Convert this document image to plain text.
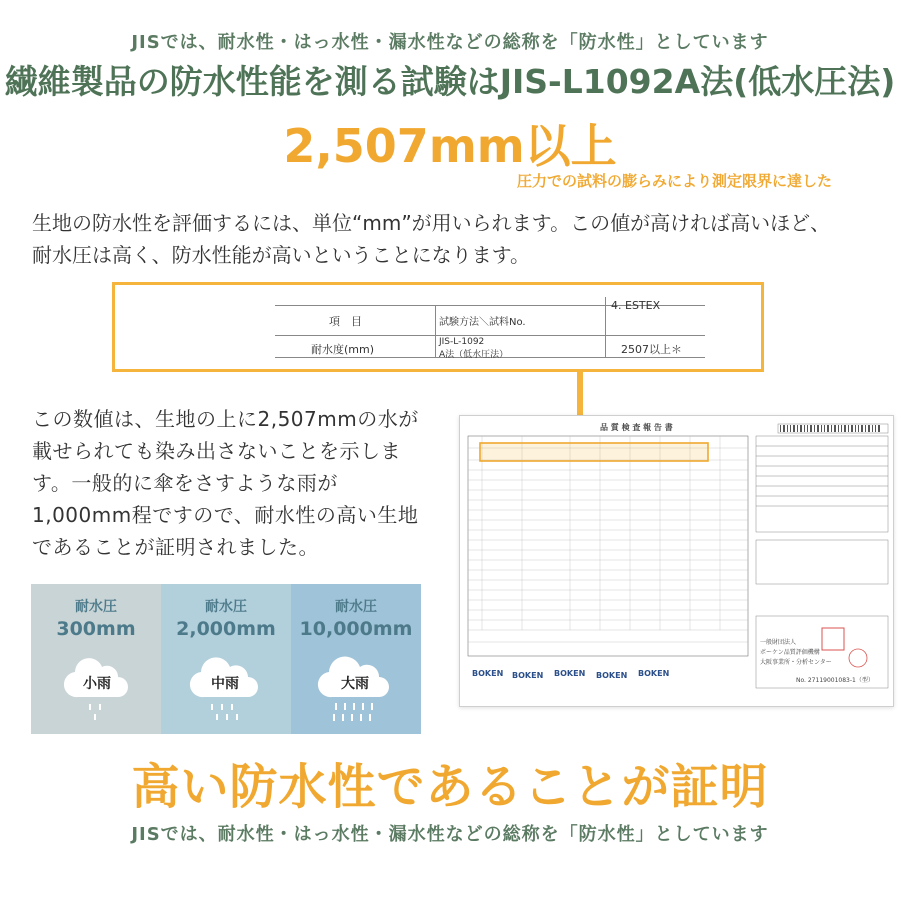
JISでは、耐水性・はっ水性・漏水性などの総称を「防水性」としています
繊維製品の防水性能を測る試験はJIS-L1092A法(低水圧法)
2,507mm以上
圧力での試料の膨らみにより測定限界に達した
生地の防水性を評価するには、単位“mm”が用いられます。この値が高ければ高いほど、
耐水圧は高く、防水性能が高いということになります。
項　目	試験方法＼試料No.
4. ESTEX
耐水度(mm)
JIS-L-1092
A法（低水圧法）	2507以上＊
この数値は、生地の上に2,507mmの水が
載せられても染み出さないことを示しま
す。一般的に傘をさすような雨が
1,000mm程ですので、耐水性の高い生地
であることが証明されました。
品 質 検 査 報 告 書
BOKEN BOKEN BOKEN BOKEN BOKEN
一般財団法人
ボーケン品質評価機構
大阪事業所・分析センター
No. 27119001083-1（型）
耐水圧
300mm
小雨
耐水圧
2,000mm
中雨
耐水圧
10,000mm
大雨
高い防水性であることが証明
JISでは、耐水性・はっ水性・漏水性などの総称を「防水性」としています
